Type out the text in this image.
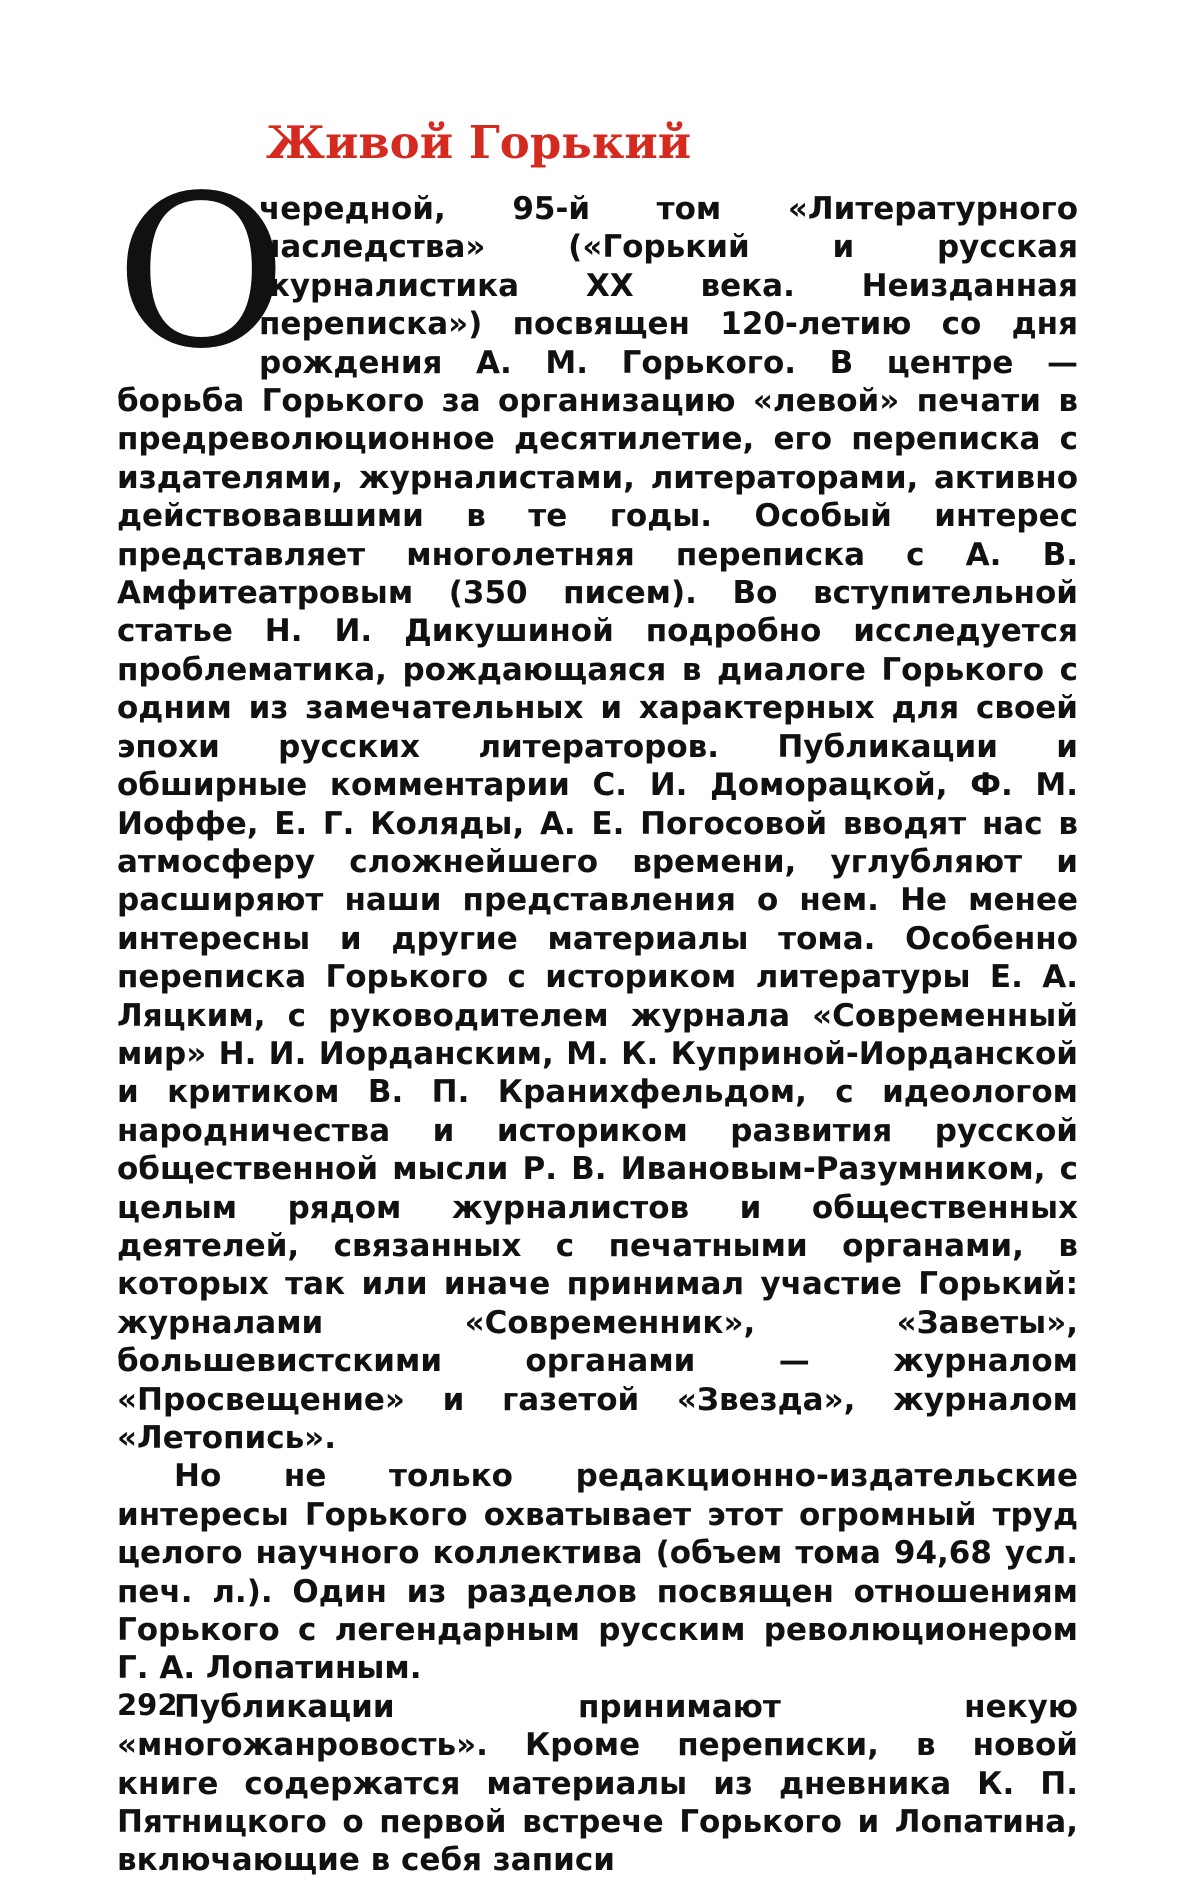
Живой Горький

О
чередной, 95-й том «Литературного наследства» («Горький и русская журналистика XX века. Неизданная переписка») посвящен 120-летию со дня рождения А. М. Горького. В центре — борьба Горького за организацию «левой» печати в предреволюционное десятилетие, его переписка с издателями, журналистами, литераторами, активно действовавшими в те годы. Особый интерес представляет многолетняя переписка с А. В. Амфитеатровым (350 писем). Во вступительной статье Н. И. Дикушиной подробно исследуется проблематика, рождающаяся в диалоге Горького с одним из замечательных и характерных для своей эпохи русских литераторов. Публикации и обширные комментарии С. И. Доморацкой, Ф. М. Иоффе, Е. Г. Коляды, А. Е. Погосовой вводят нас в атмосферу сложнейшего времени, углубляют и расширяют наши представления о нем. Не менее интересны и другие материалы тома. Особенно переписка Горького с историком литературы Е. А. Ляцким, с руководителем журнала «Современный мир» Н. И. Иорданским, М. К. Куприной-Иорданской и критиком В. П. Кранихфельдом, с идеологом народничества и историком развития русской общественной мысли Р. В. Ивановым-Разумником, с целым рядом журналистов и общественных деятелей, связанных с печатными органами, в которых так или иначе принимал участие Горький: журналами «Современник», «Заветы», большевистскими органами — журналом «Просвещение» и газетой «Звезда», журналом «Летопись».

Но не только редакционно-издательские интересы Горького охватывает этот огромный труд целого научного коллектива (объем тома 94,68 усл. печ. л.). Один из разделов посвящен отношениям Горького с легендарным русским революционером Г. А. Лопатиным.

Публикации принимают некую «многожанровость». Кроме переписки, в новой книге содержатся материалы из дневника К. П. Пятницкого о первой встрече Горького и Лопатина, включающие в себя записи

292
